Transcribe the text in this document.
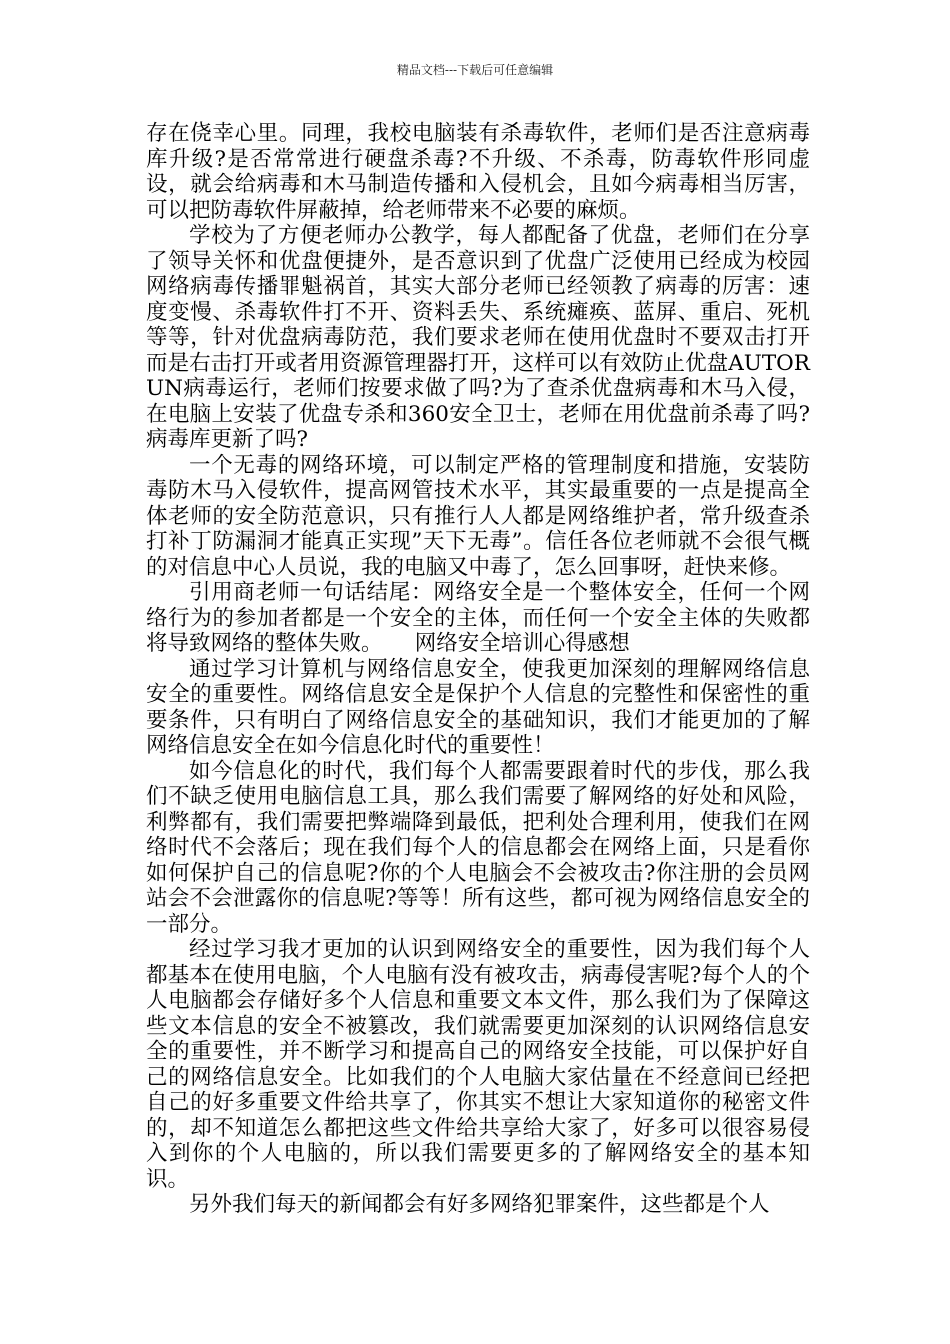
精品文档---下载后可任意编辑

存在侥幸心里。同理，我校电脑装有杀毒软件，老师们是否注意病毒库升级?是否常常进行硬盘杀毒?不升级、不杀毒，防毒软件形同虚设，就会给病毒和木马制造传播和入侵机会，且如今病毒相当厉害，可以把防毒软件屏蔽掉，给老师带来不必要的麻烦。

学校为了方便老师办公教学，每人都配备了优盘，老师们在分享了领导关怀和优盘便捷外，是否意识到了优盘广泛使用已经成为校园网络病毒传播罪魁祸首，其实大部分老师已经领教了病毒的厉害：速度变慢、杀毒软件打不开、资料丢失、系统瘫痪、蓝屏、重启、死机等等，针对优盘病毒防范，我们要求老师在使用优盘时不要双击打开而是右击打开或者用资源管理器打开，这样可以有效防止优盘AUTORUN病毒运行，老师们按要求做了吗?为了查杀优盘病毒和木马入侵，在电脑上安装了优盘专杀和360安全卫士，老师在用优盘前杀毒了吗?病毒库更新了吗?

一个无毒的网络环境，可以制定严格的管理制度和措施，安装防毒防木马入侵软件，提高网管技术水平，其实最重要的一点是提高全体老师的安全防范意识，只有推行人人都是网络维护者，常升级查杀打补丁防漏洞才能真正实现”天下无毒”。信任各位老师就不会很气概的对信息中心人员说，我的电脑又中毒了，怎么回事呀，赶快来修。

引用商老师一句话结尾：网络安全是一个整体安全，任何一个网络行为的参加者都是一个安全的主体，而任何一个安全主体的失败都将导致网络的整体失败。　　网络安全培训心得感想

通过学习计算机与网络信息安全，使我更加深刻的理解网络信息安全的重要性。网络信息安全是保护个人信息的完整性和保密性的重要条件，只有明白了网络信息安全的基础知识，我们才能更加的了解网络信息安全在如今信息化时代的重要性！

如今信息化的时代，我们每个人都需要跟着时代的步伐，那么我们不缺乏使用电脑信息工具，那么我们需要了解网络的好处和风险，利弊都有，我们需要把弊端降到最低，把利处合理利用，使我们在网络时代不会落后；现在我们每个人的信息都会在网络上面，只是看你如何保护自己的信息呢?你的个人电脑会不会被攻击?你注册的会员网站会不会泄露你的信息呢?等等！所有这些，都可视为网络信息安全的一部分。

经过学习我才更加的认识到网络安全的重要性，因为我们每个人都基本在使用电脑，个人电脑有没有被攻击，病毒侵害呢?每个人的个人电脑都会存储好多个人信息和重要文本文件，那么我们为了保障这些文本信息的安全不被篡改，我们就需要更加深刻的认识网络信息安全的重要性，并不断学习和提高自己的网络安全技能，可以保护好自己的网络信息安全。比如我们的个人电脑大家估量在不经意间已经把自己的好多重要文件给共享了，你其实不想让大家知道你的秘密文件的，却不知道怎么都把这些文件给共享给大家了，好多可以很容易侵入到你的个人电脑的，所以我们需要更多的了解网络安全的基本知识。

另外我们每天的新闻都会有好多网络犯罪案件，这些都是个人
